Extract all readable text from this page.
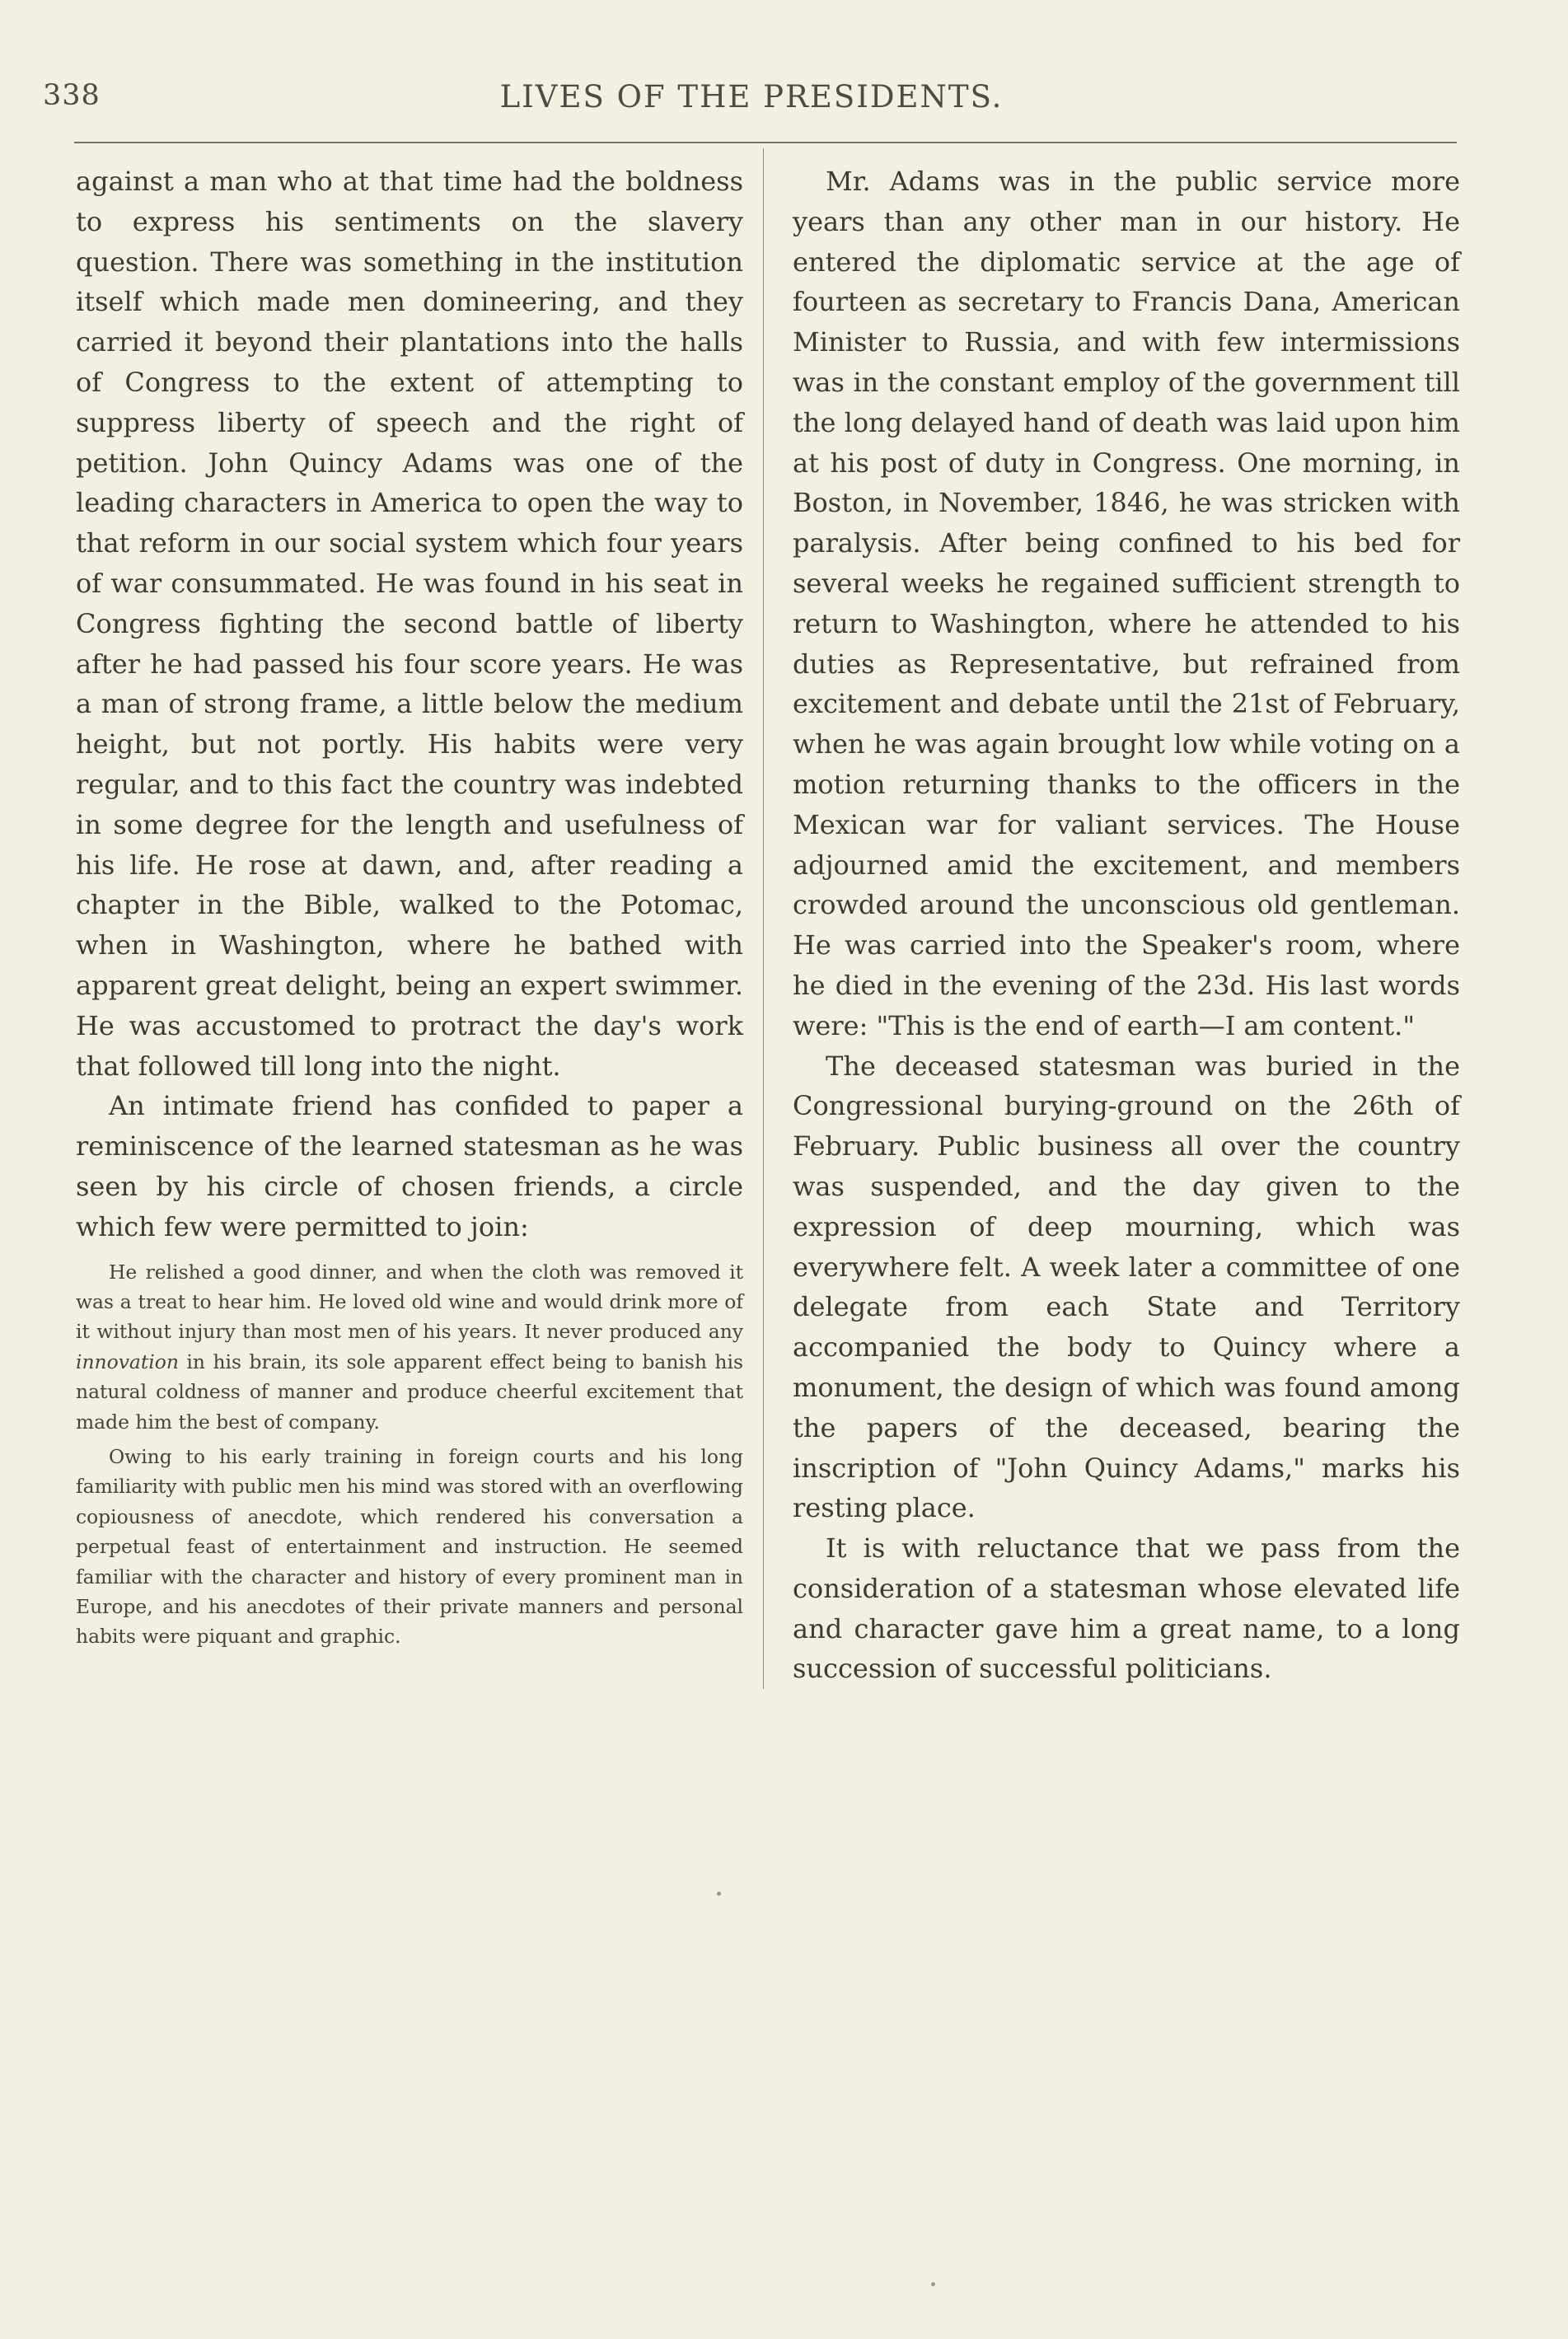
338	LIVES OF THE PRESIDENTS.

against a man who at that time had the boldness to express his sentiments on the slavery question. There was something in the institution itself which made men domineering, and they carried it beyond their plantations into the halls of Congress to the extent of attempting to suppress liberty of speech and the right of petition. John Quincy Adams was one of the leading characters in America to open the way to that reform in our social system which four years of war consummated. He was found in his seat in Congress fighting the second battle of liberty after he had passed his four score years. He was a man of strong frame, a little below the medium height, but not portly. His habits were very regular, and to this fact the country was indebted in some degree for the length and usefulness of his life. He rose at dawn, and, after reading a chapter in the Bible, walked to the Potomac, when in Washington, where he bathed with apparent great delight, being an expert swimmer. He was accustomed to protract the day's work that followed till long into the night.

An intimate friend has confided to paper a reminiscence of the learned statesman as he was seen by his circle of chosen friends, a circle which few were permitted to join:

He relished a good dinner, and when the cloth was removed it was a treat to hear him. He loved old wine and would drink more of it without injury than most men of his years. It never produced any innovation in his brain, its sole apparent effect being to banish his natural coldness of manner and produce cheerful excitement that made him the best of company.

Owing to his early training in foreign courts and his long familiarity with public men his mind was stored with an overflowing copiousness of anecdote, which rendered his conversation a perpetual feast of entertainment and instruction. He seemed familiar with the character and history of every prominent man in Europe, and his anecdotes of their private manners and personal habits were piquant and graphic.

Mr. Adams was in the public service more years than any other man in our history. He entered the diplomatic service at the age of fourteen as secretary to Francis Dana, American Minister to Russia, and with few intermissions was in the constant employ of the government till the long delayed hand of death was laid upon him at his post of duty in Congress. One morning, in Boston, in November, 1846, he was stricken with paralysis. After being confined to his bed for several weeks he regained sufficient strength to return to Washington, where he attended to his duties as Representative, but refrained from excitement and debate until the 21st of February, when he was again brought low while voting on a motion returning thanks to the officers in the Mexican war for valiant services. The House adjourned amid the excitement, and members crowded around the unconscious old gentleman. He was carried into the Speaker's room, where he died in the evening of the 23d. His last words were: "This is the end of earth—I am content."

The deceased statesman was buried in the Congressional burying-ground on the 26th of February. Public business all over the country was suspended, and the day given to the expression of deep mourning, which was everywhere felt. A week later a committee of one delegate from each State and Territory accompanied the body to Quincy where a monument, the design of which was found among the papers of the deceased, bearing the inscription of "John Quincy Adams," marks his resting place.

It is with reluctance that we pass from the consideration of a statesman whose elevated life and character gave him a great name, to a long succession of successful politicians.
